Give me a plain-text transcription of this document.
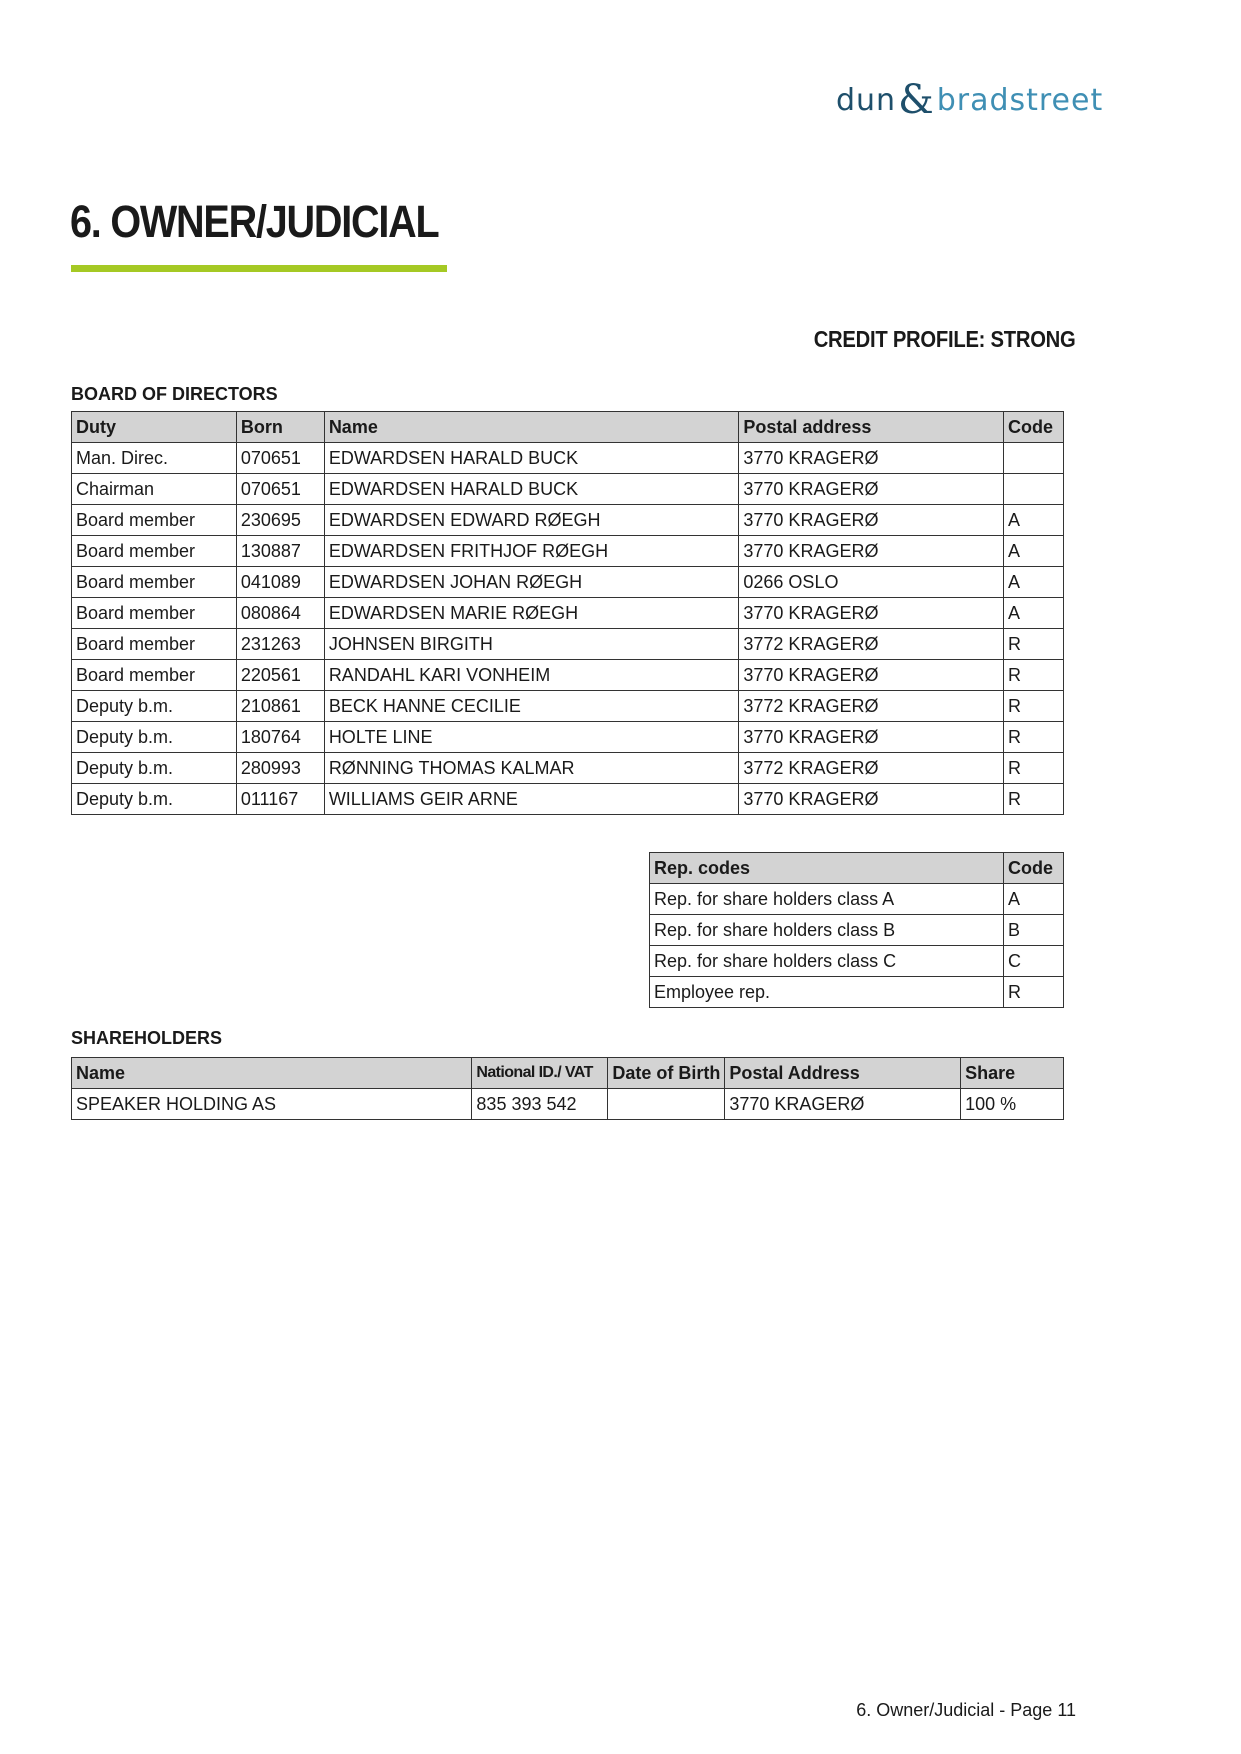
dun & bradstreet
6. OWNER/JUDICIAL
CREDIT PROFILE: STRONG
BOARD OF DIRECTORS
Duty	Born	Name	Postal address	Code
Man. Direc.	070651	EDWARDSEN HARALD BUCK	3770 KRAGERØ	
Chairman	070651	EDWARDSEN HARALD BUCK	3770 KRAGERØ	
Board member	230695	EDWARDSEN EDWARD RØEGH	3770 KRAGERØ	A
Board member	130887	EDWARDSEN FRITHJOF RØEGH	3770 KRAGERØ	A
Board member	041089	EDWARDSEN JOHAN RØEGH	0266 OSLO	A
Board member	080864	EDWARDSEN MARIE RØEGH	3770 KRAGERØ	A
Board member	231263	JOHNSEN BIRGITH	3772 KRAGERØ	R
Board member	220561	RANDAHL KARI VONHEIM	3770 KRAGERØ	R
Deputy b.m.	210861	BECK HANNE CECILIE	3772 KRAGERØ	R
Deputy b.m.	180764	HOLTE LINE	3770 KRAGERØ	R
Deputy b.m.	280993	RØNNING THOMAS KALMAR	3772 KRAGERØ	R
Deputy b.m.	011167	WILLIAMS GEIR ARNE	3770 KRAGERØ	R
Rep. codes	Code
Rep. for share holders class A	A
Rep. for share holders class B	B
Rep. for share holders class C	C
Employee rep.	R
SHAREHOLDERS
Name	National ID./ VAT	Date of Birth	Postal Address	Share
SPEAKER HOLDING AS	835 393 542		3770 KRAGERØ	100 %
6. Owner/Judicial - Page 11
